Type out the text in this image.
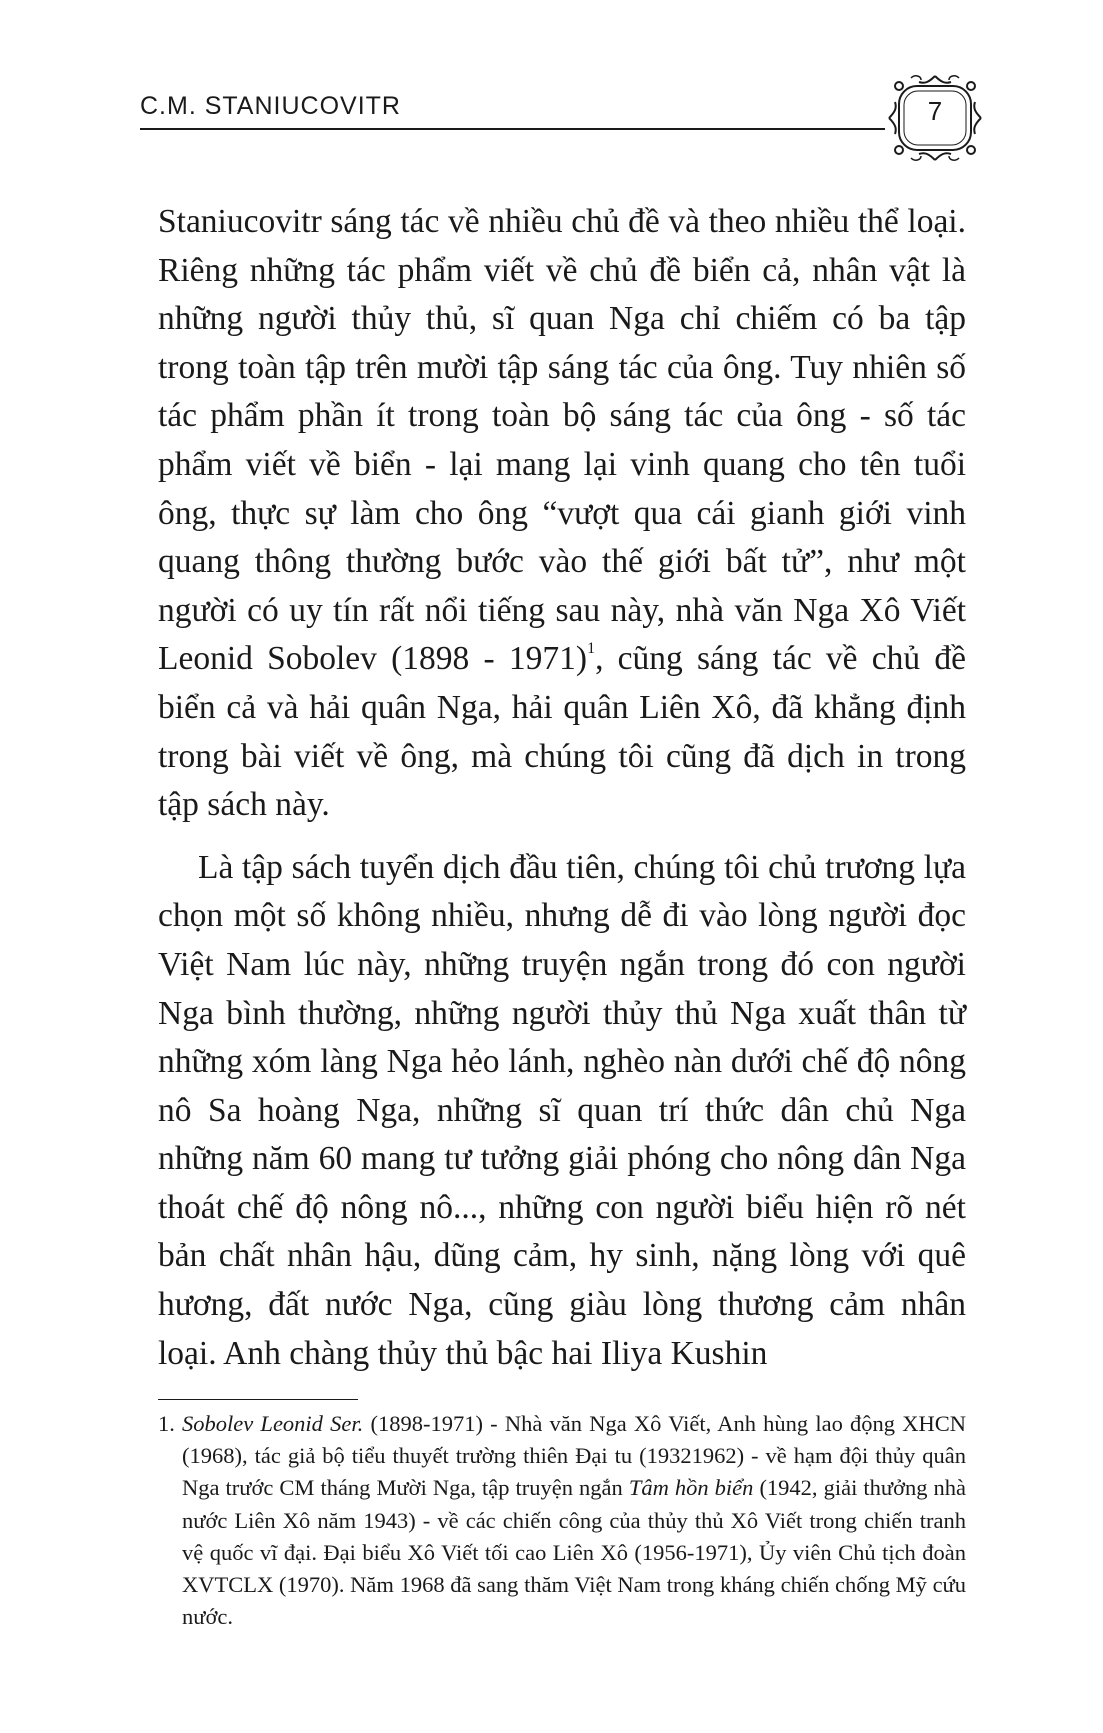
C.M. STANIUCOVITR	7

Staniucovitr sáng tác về nhiều chủ đề và theo nhiều thể loại. Riêng những tác phẩm viết về chủ đề biển cả, nhân vật là những người thủy thủ, sĩ quan Nga chỉ chiếm có ba tập trong toàn tập trên mười tập sáng tác của ông. Tuy nhiên số tác phẩm phần ít trong toàn bộ sáng tác của ông - số tác phẩm viết về biển - lại mang lại vinh quang cho tên tuổi ông, thực sự làm cho ông “vượt qua cái gianh giới vinh quang thông thường bước vào thế giới bất tử”, như một người có uy tín rất nổi tiếng sau này, nhà văn Nga Xô Viết Leonid Sobolev (1898 - 1971)$^1$, cũng sáng tác về chủ đề biển cả và hải quân Nga, hải quân Liên Xô, đã khẳng định trong bài viết về ông, mà chúng tôi cũng đã dịch in trong tập sách này.

Là tập sách tuyển dịch đầu tiên, chúng tôi chủ trương lựa chọn một số không nhiều, nhưng dễ đi vào lòng người đọc Việt Nam lúc này, những truyện ngắn trong đó con người Nga bình thường, những người thủy thủ Nga xuất thân từ những xóm làng Nga hẻo lánh, nghèo nàn dưới chế độ nông nô Sa hoàng Nga, những sĩ quan trí thức dân chủ Nga những năm 60 mang tư tưởng giải phóng cho nông dân Nga thoát chế độ nông nô..., những con người biểu hiện rõ nét bản chất nhân hậu, dũng cảm, hy sinh, nặng lòng với quê hương, đất nước Nga, cũng giàu lòng thương cảm nhân loại. Anh chàng thủy thủ bậc hai Iliya Kushin

1. Sobolev Leonid Ser. (1898-1971) - Nhà văn Nga Xô Viết, Anh hùng lao động XHCN (1968), tác giả bộ tiểu thuyết trường thiên Đại tu (19321962) - về hạm đội thủy quân Nga trước CM tháng Mười Nga, tập truyện ngắn Tâm hồn biển (1942, giải thưởng nhà nước Liên Xô năm 1943) - về các chiến công của thủy thủ Xô Viết trong chiến tranh vệ quốc vĩ đại. Đại biểu Xô Viết tối cao Liên Xô (1956-1971), Ủy viên Chủ tịch đoàn XVTCLX (1970). Năm 1968 đã sang thăm Việt Nam trong kháng chiến chống Mỹ cứu nước.
